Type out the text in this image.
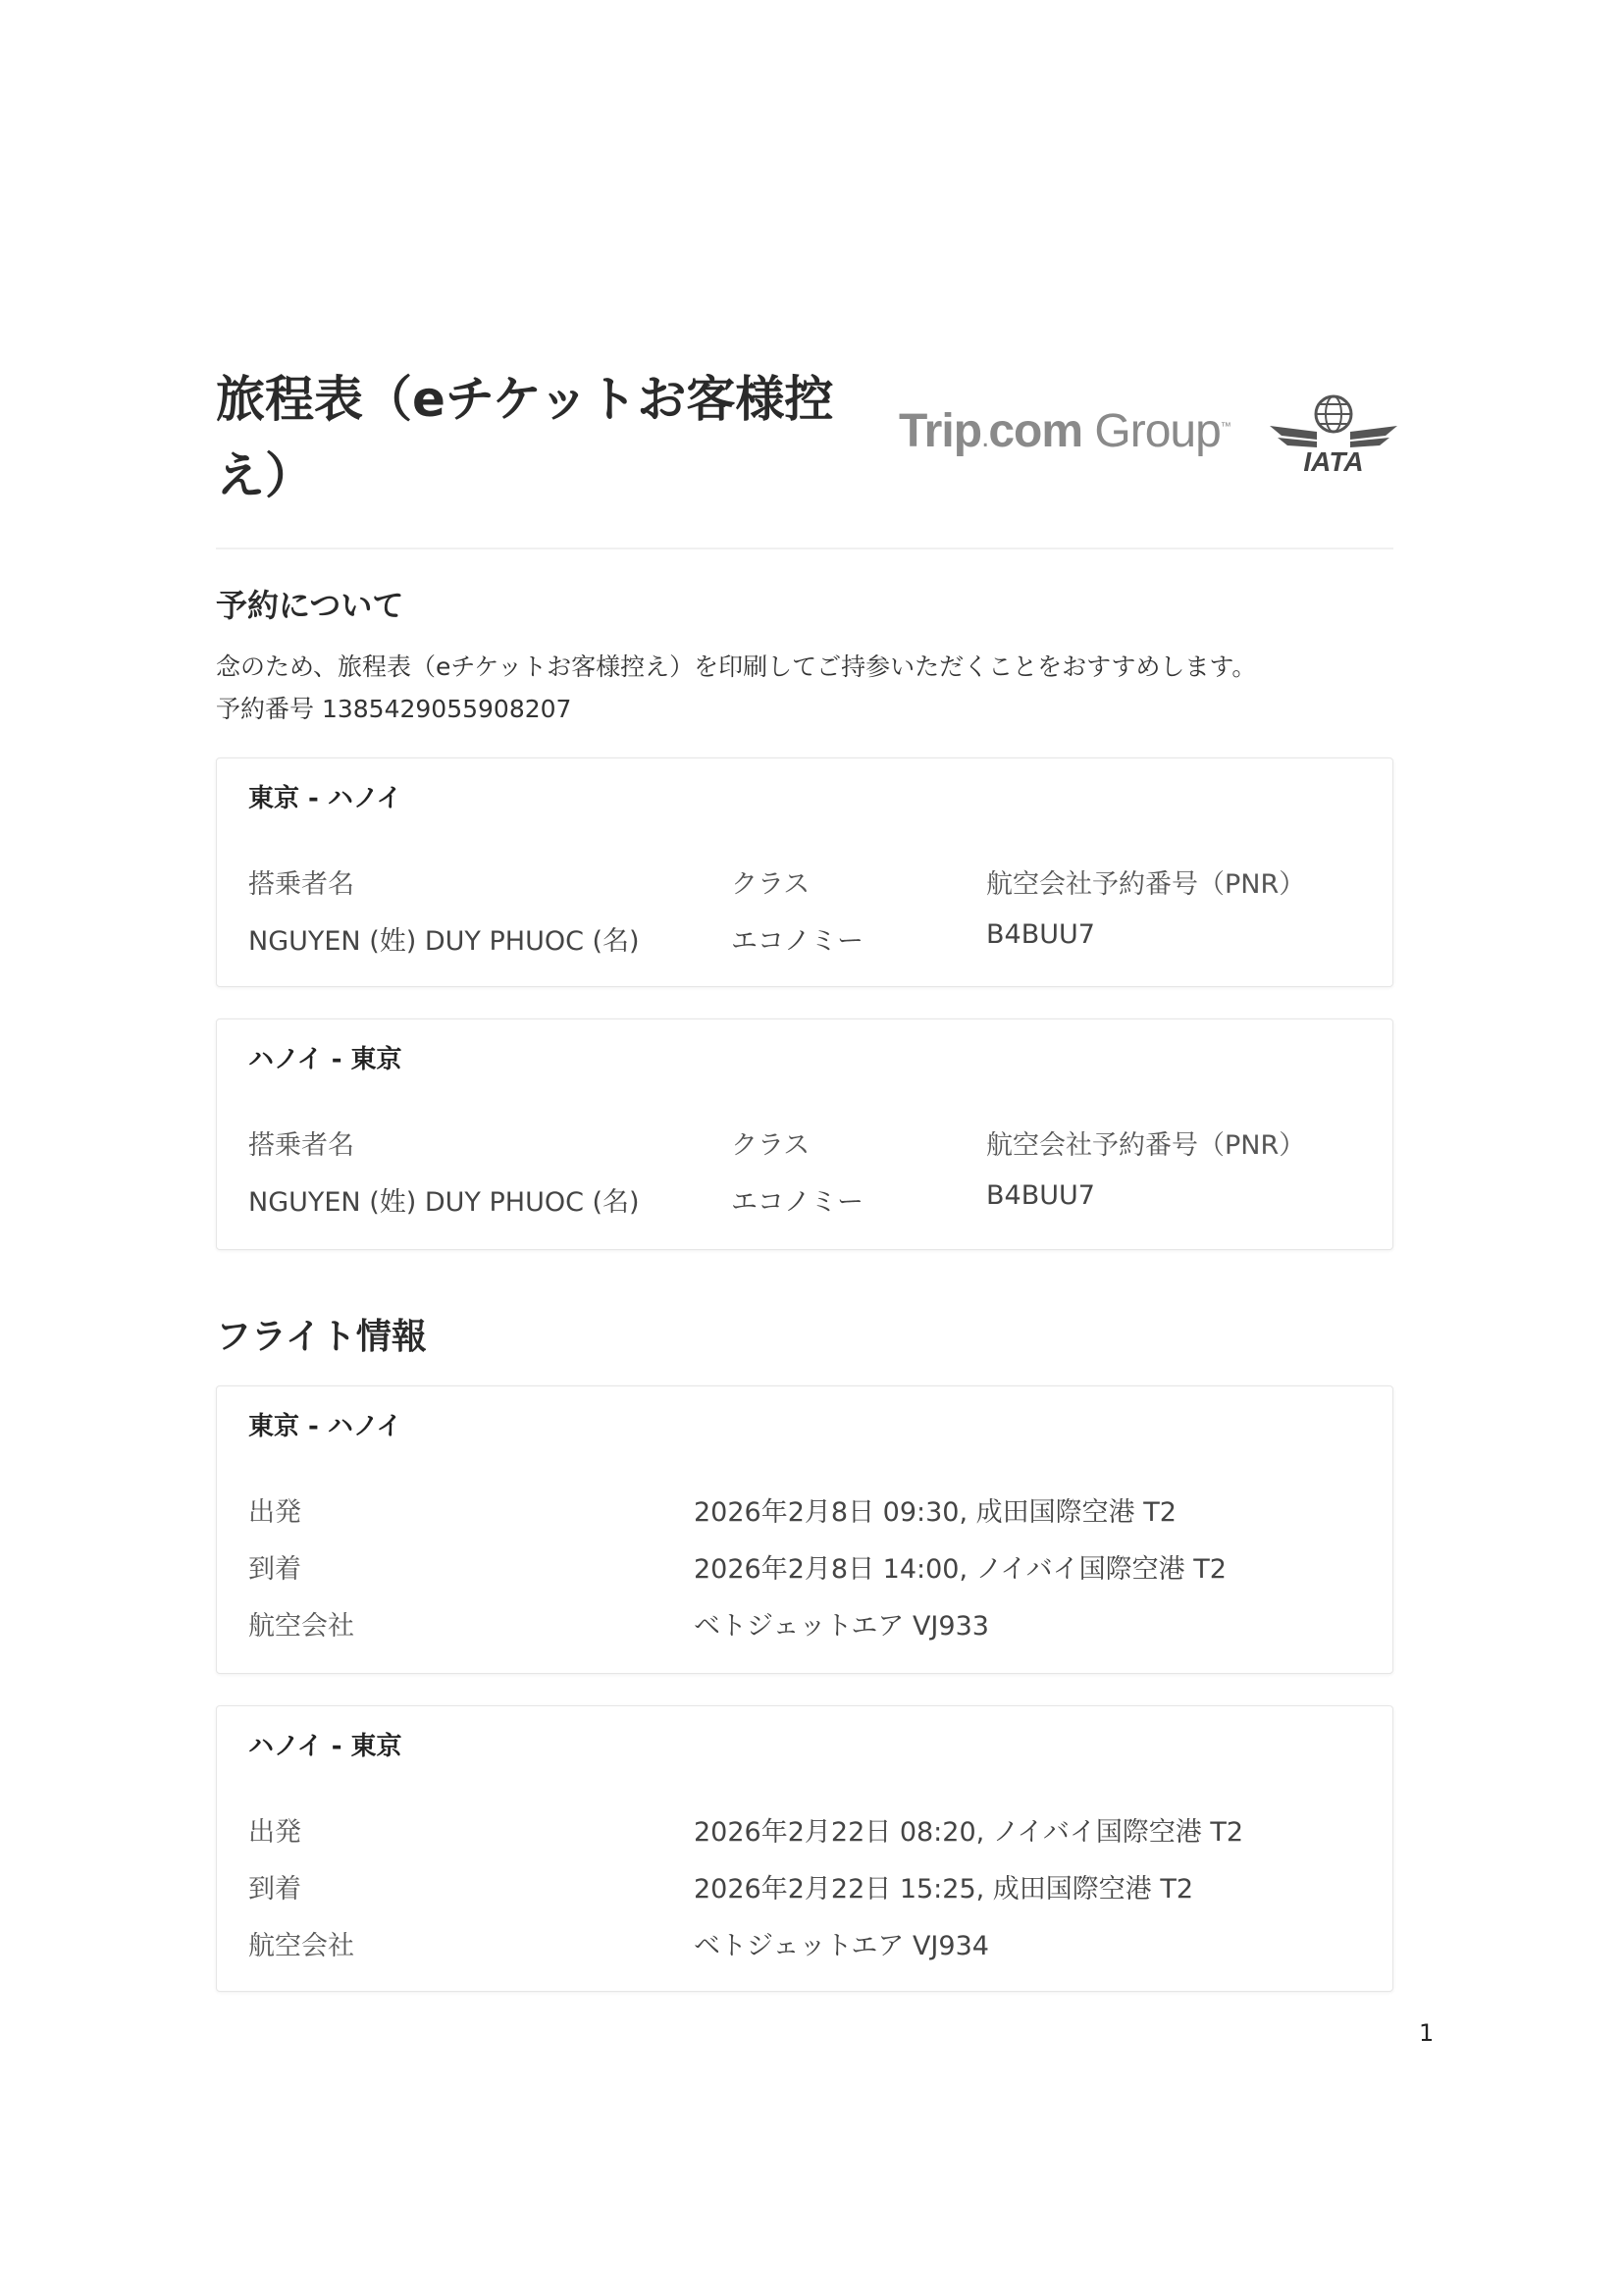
旅程表（eチケットお客様控
え）
Trip.com Group™
IATA
予約について

念のため、旅程表（eチケットお客様控え）を印刷してご持参いただくことをおすすめします。

予約番号 1385429055908207

東京 - ハノイ
搭乗者名	クラス	航空会社予約番号（PNR）
NGUYEN (姓) DUY PHUOC (名)	エコノミー	B4BUU7
ハノイ - 東京
搭乗者名	クラス	航空会社予約番号（PNR）
NGUYEN (姓) DUY PHUOC (名)	エコノミー	B4BUU7
フライト情報
東京 - ハノイ
出発	2026年2月8日 09:30, 成田国際空港 T2
到着	2026年2月8日 14:00, ノイバイ国際空港 T2
航空会社	ベトジェットエア VJ933
ハノイ - 東京
出発	2026年2月22日 08:20, ノイバイ国際空港 T2
到着	2026年2月22日 15:25, 成田国際空港 T2
航空会社	ベトジェットエア VJ934
1
